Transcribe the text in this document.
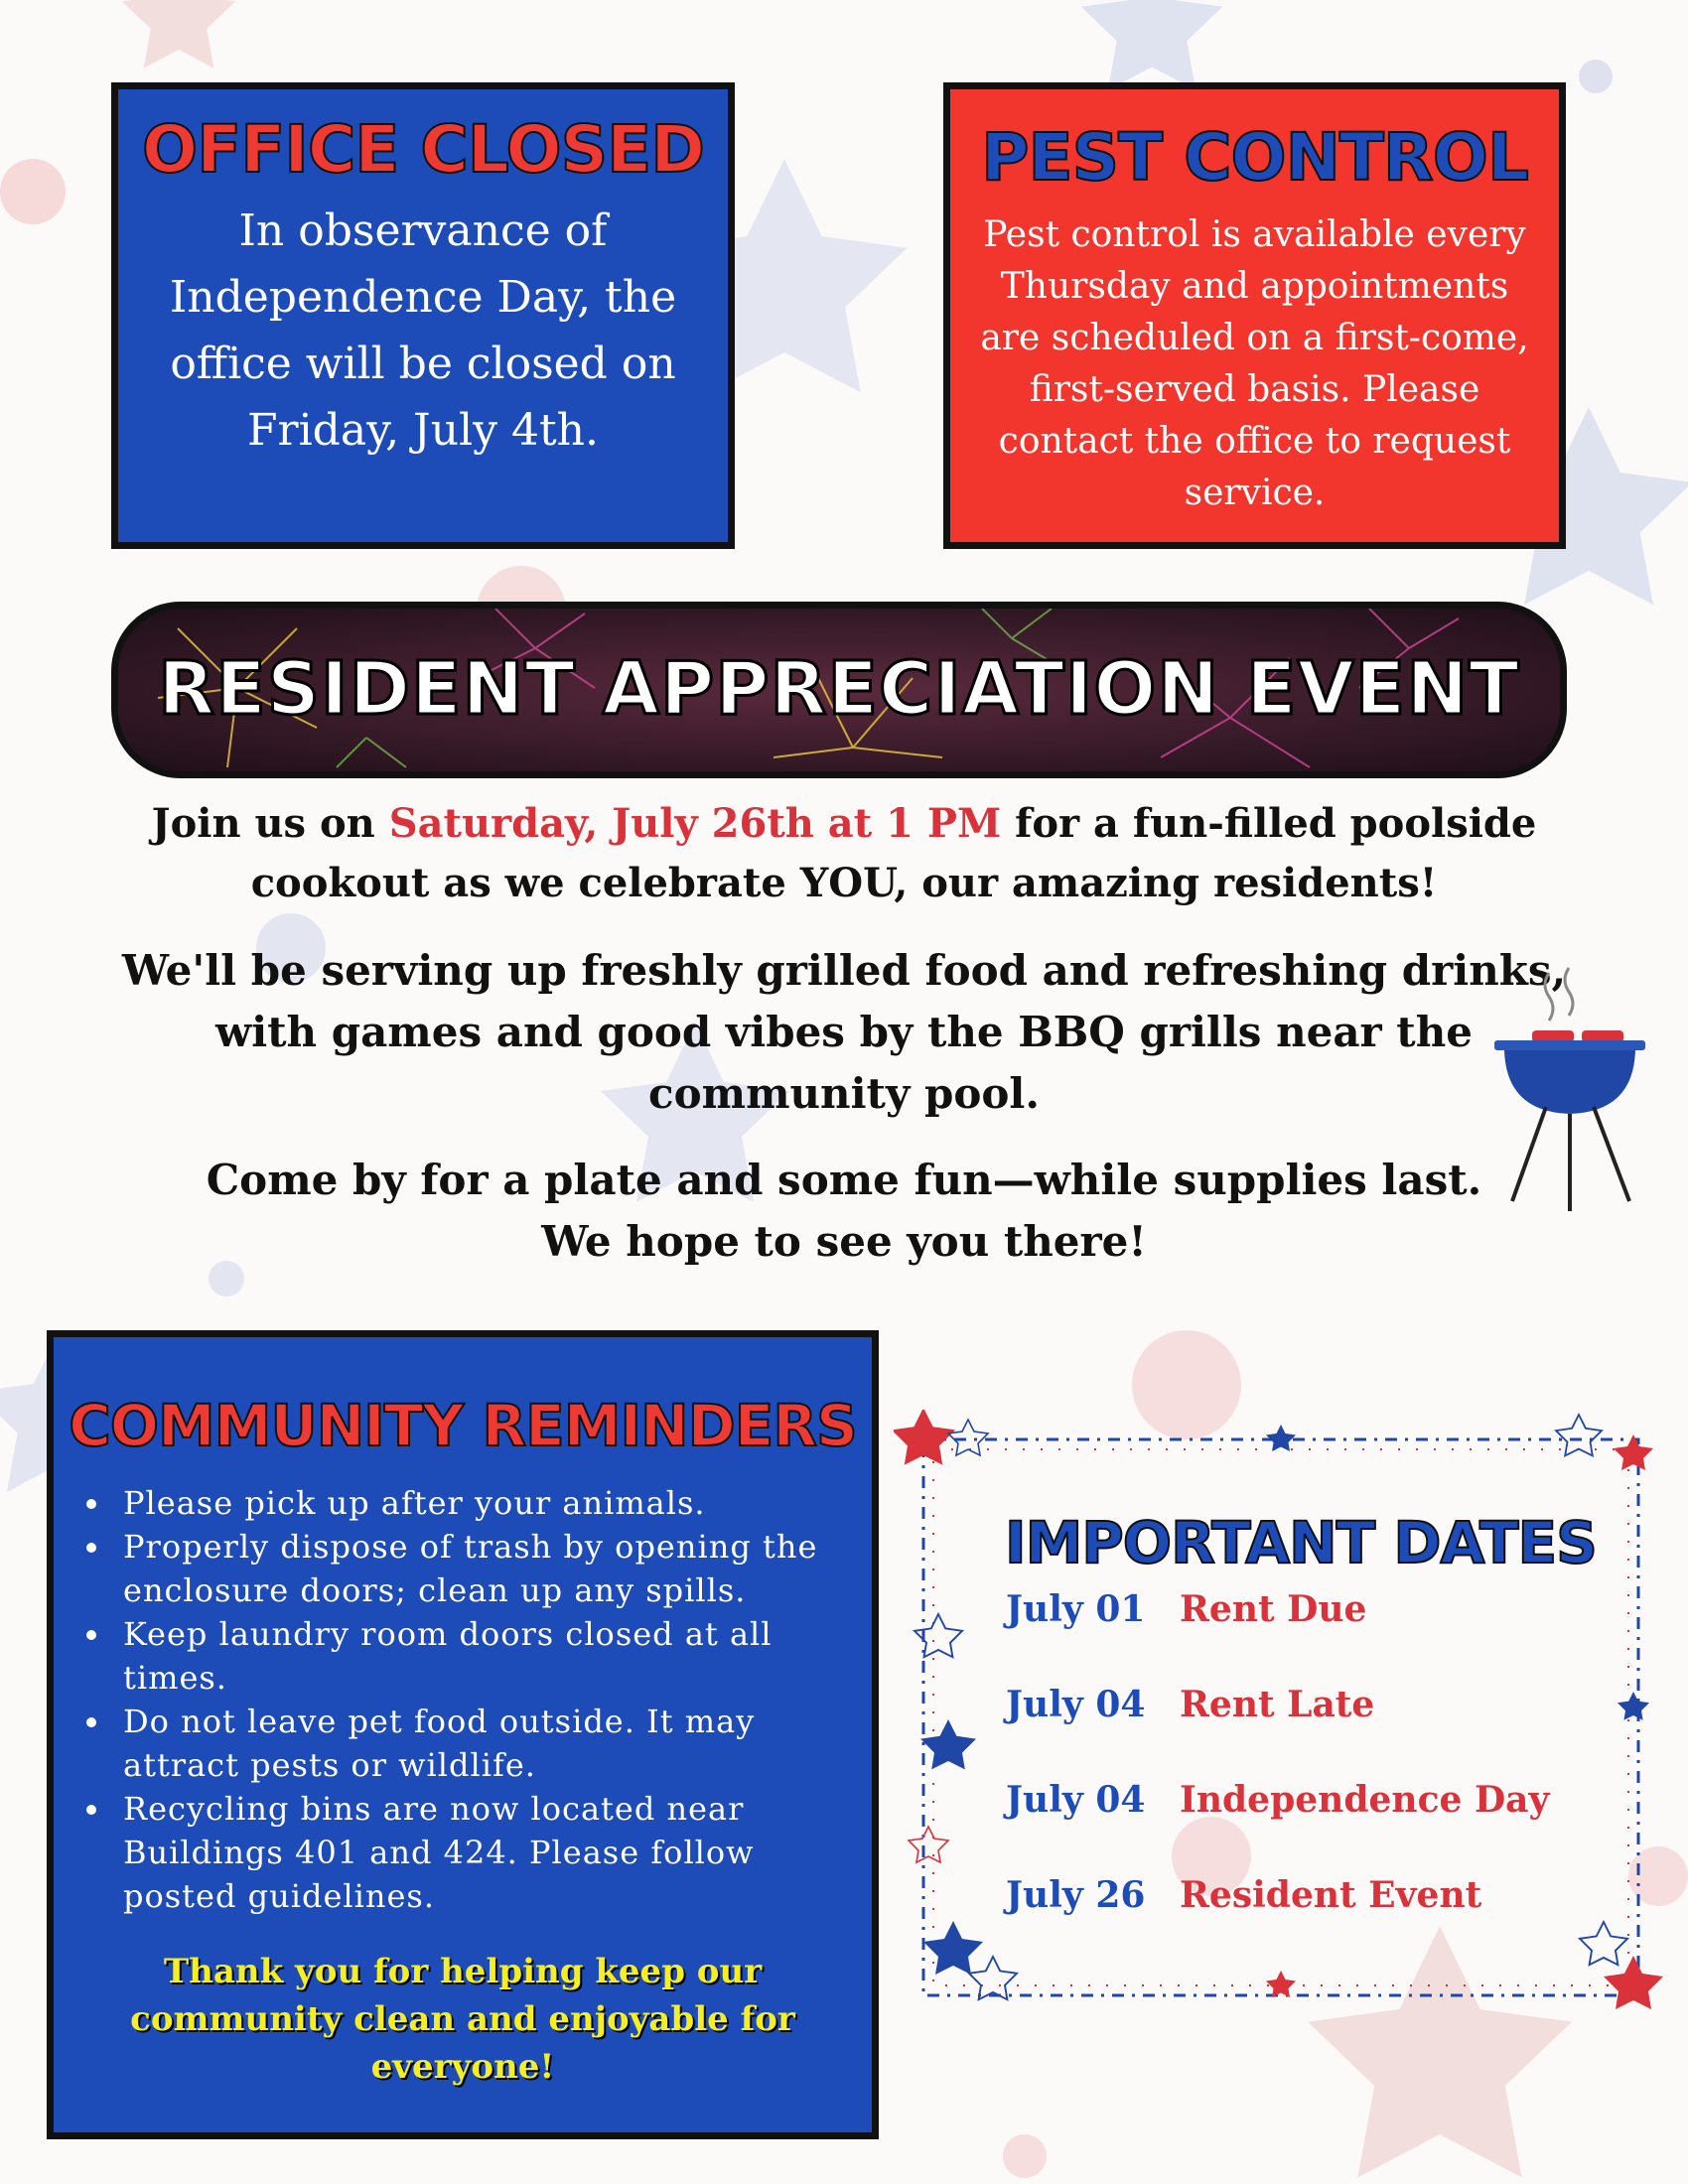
OFFICE CLOSED

In observance of Independence Day, the office will be closed on Friday, July 4th.

PEST CONTROL

Pest control is available every Thursday and appointments are scheduled on a first-come, first-served basis. Please contact the office to request service.

RESIDENT APPRECIATION EVENT
Join us on Saturday, July 26th at 1 PM for a fun-filled poolside cookout as we celebrate YOU, our amazing residents!
We'll be serving up freshly grilled food and refreshing drinks, with games and good vibes by the BBQ grills near the community pool.
Come by for a plate and some fun—while supplies last.
We hope to see you there!
COMMUNITY REMINDERS
• Please pick up after your animals.
• Properly dispose of trash by opening the enclosure doors; clean up any spills.
• Keep laundry room doors closed at all times.
• Do not leave pet food outside. It may attract pests or wildlife.
• Recycling bins are now located near Buildings 401 and 424. Please follow posted guidelines.
Thank you for helping keep our community clean and enjoyable for everyone!
IMPORTANT DATES
July 01 Rent Due
July 04 Rent Late
July 04 Independence Day
July 26 Resident Event
